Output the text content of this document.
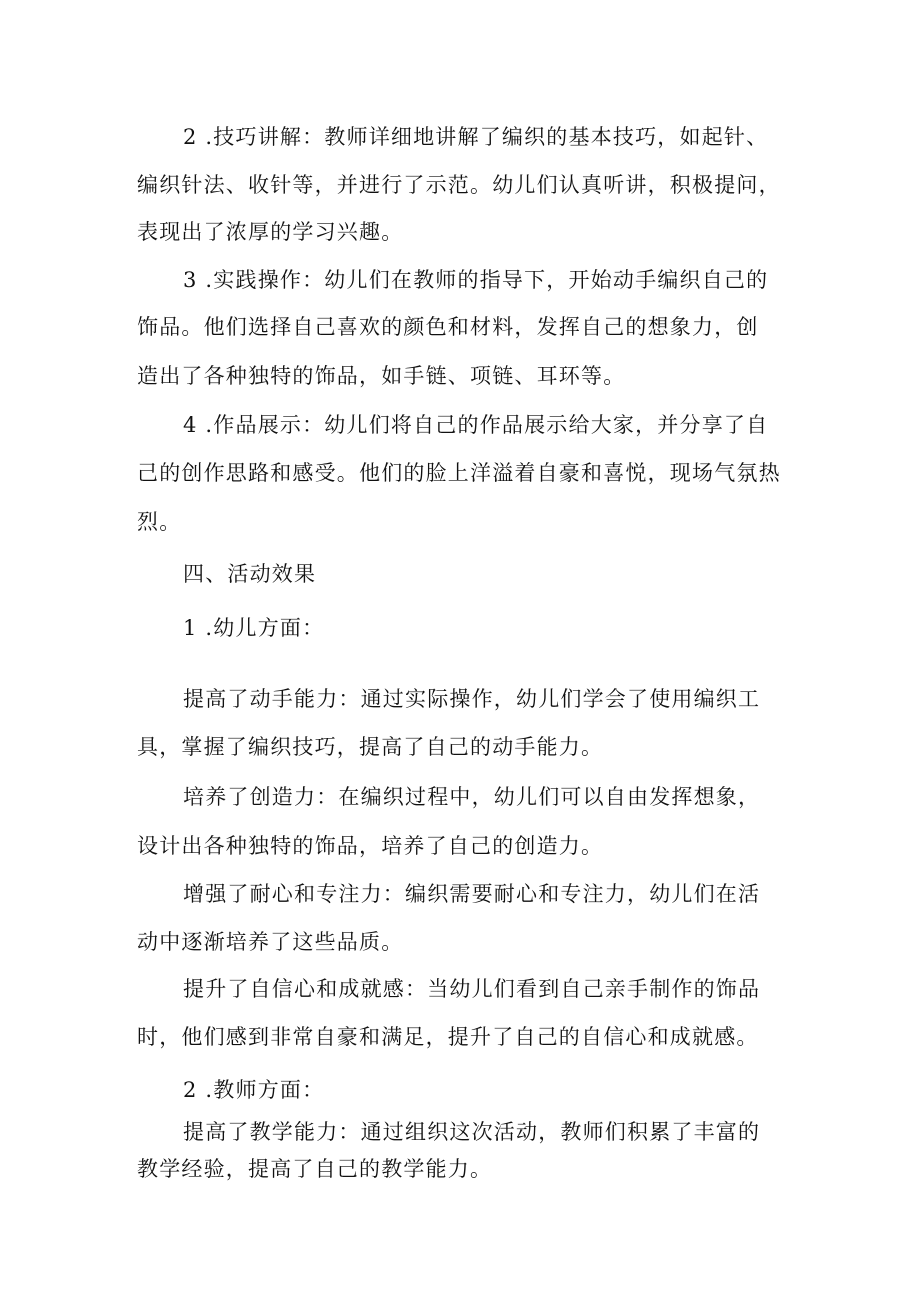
2 .技巧讲解：教师详细地讲解了编织的基本技巧，如起针、
编织针法、收针等，并进行了示范。幼儿们认真听讲，积极提问，
表现出了浓厚的学习兴趣。
3 .实践操作：幼儿们在教师的指导下，开始动手编织自己的
饰品。他们选择自己喜欢的颜色和材料，发挥自己的想象力，创
造出了各种独特的饰品，如手链、项链、耳环等。
4 .作品展示：幼儿们将自己的作品展示给大家，并分享了自
己的创作思路和感受。他们的脸上洋溢着自豪和喜悦，现场气氛热
烈。
四、活动效果
1 .幼儿方面：
提高了动手能力：通过实际操作，幼儿们学会了使用编织工
具，掌握了编织技巧，提高了自己的动手能力。
培养了创造力：在编织过程中，幼儿们可以自由发挥想象，
设计出各种独特的饰品，培养了自己的创造力。
增强了耐心和专注力：编织需要耐心和专注力，幼儿们在活
动中逐渐培养了这些品质。
提升了自信心和成就感：当幼儿们看到自己亲手制作的饰品
时，他们感到非常自豪和满足，提升了自己的自信心和成就感。
2 .教师方面：
提高了教学能力：通过组织这次活动，教师们积累了丰富的
教学经验，提高了自己的教学能力。
